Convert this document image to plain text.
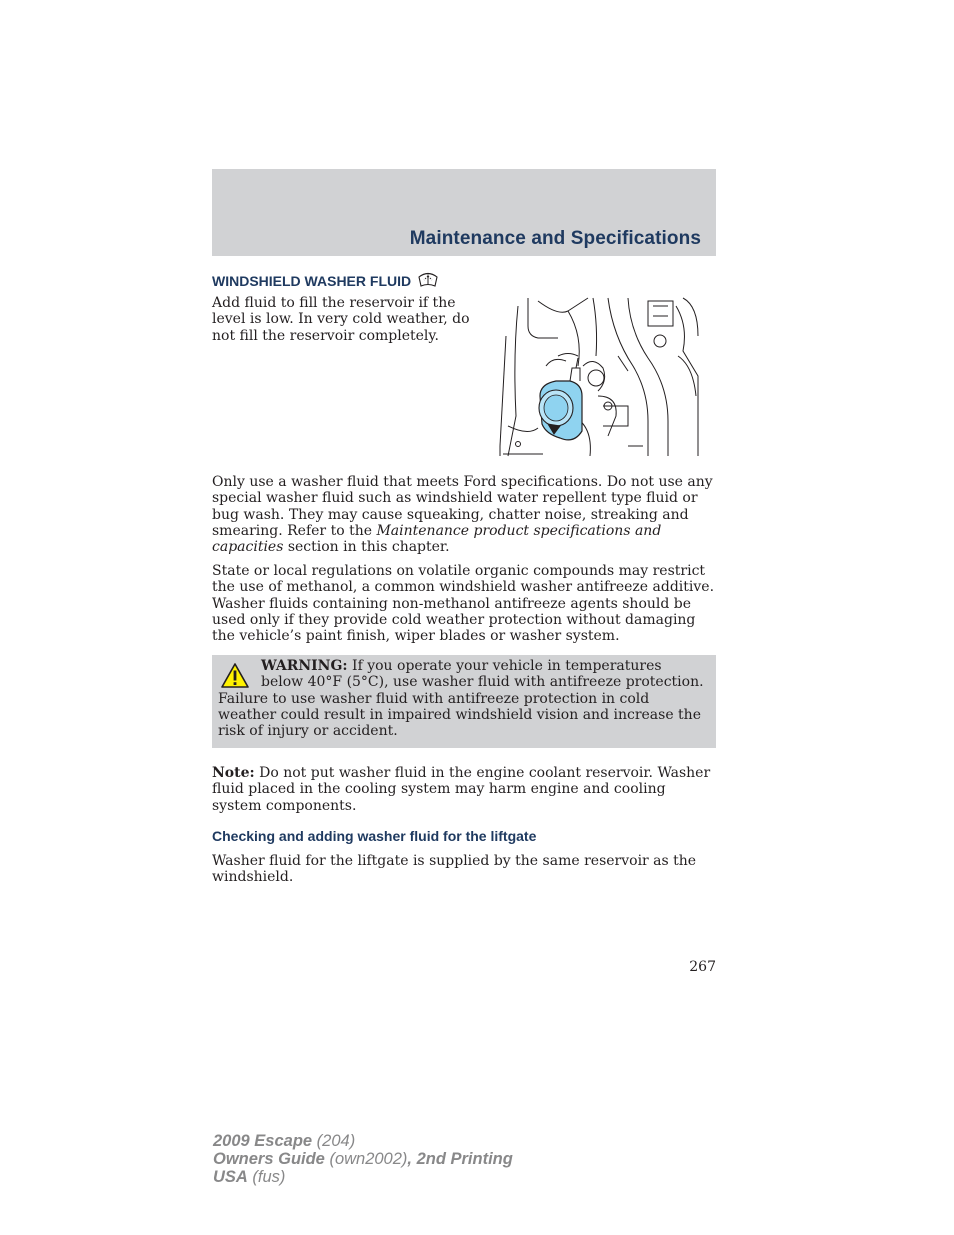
Maintenance and Specifications
WINDSHIELD WASHER FLUID

Add fluid to fill the reservoir if the level is low. In very cold weather, do not fill the reservoir completely.

Only use a washer fluid that meets Ford specifications. Do not use any special washer fluid such as windshield water repellent type fluid or bug wash. They may cause squeaking, chatter noise, streaking and smearing. Refer to the Maintenance product specifications and capacities section in this chapter.

State or local regulations on volatile organic compounds may restrict the use of methanol, a common windshield washer antifreeze additive. Washer fluids containing non-methanol antifreeze agents should be used only if they provide cold weather protection without damaging the vehicle’s paint finish, wiper blades or washer system.

WARNING: If you operate your vehicle in temperatures below 40°F (5°C), use washer fluid with antifreeze protection. Failure to use washer fluid with antifreeze protection in cold weather could result in impaired windshield vision and increase the risk of injury or accident.

Note: Do not put washer fluid in the engine coolant reservoir. Washer fluid placed in the cooling system may harm engine and cooling system components.

Checking and adding washer fluid for the liftgate

Washer fluid for the liftgate is supplied by the same reservoir as the windshield.

267
2009 Escape (204)
Owners Guide (own2002), 2nd Printing
USA (fus)
